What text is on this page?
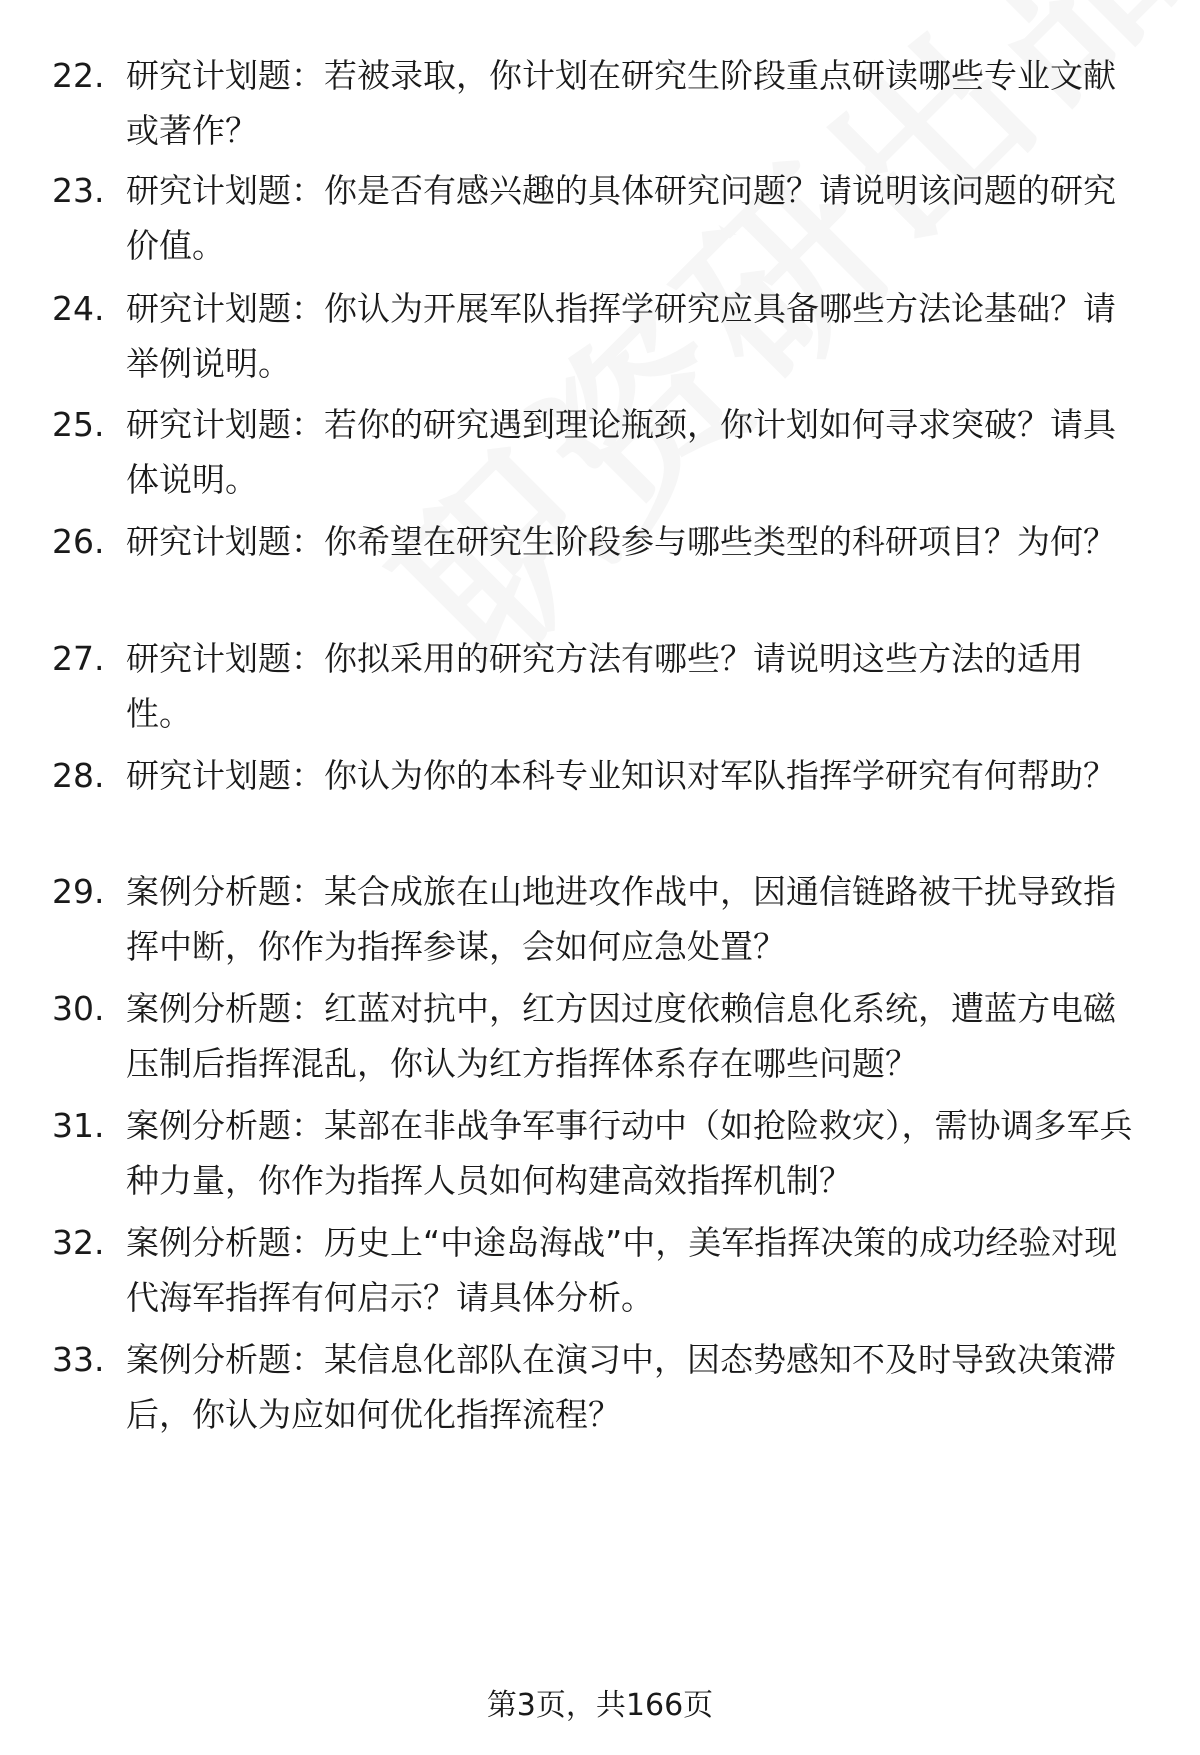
22. 研究计划题：若被录取，你计划在研究生阶段重点研读哪些专业文献或著作？
23. 研究计划题：你是否有感兴趣的具体研究问题？请说明该问题的研究价值。
24. 研究计划题：你认为开展军队指挥学研究应具备哪些方法论基础？请举例说明。
25. 研究计划题：若你的研究遇到理论瓶颈，你计划如何寻求突破？请具体说明。
26. 研究计划题：你希望在研究生阶段参与哪些类型的科研项目？为何？
27. 研究计划题：你拟采用的研究方法有哪些？请说明这些方法的适用性。
28. 研究计划题：你认为你的本科专业知识对军队指挥学研究有何帮助？
29. 案例分析题：某合成旅在山地进攻作战中，因通信链路被干扰导致指挥中断，你作为指挥参谋，会如何应急处置？
30. 案例分析题：红蓝对抗中，红方因过度依赖信息化系统，遭蓝方电磁压制后指挥混乱，你认为红方指挥体系存在哪些问题？
31. 案例分析题：某部在非战争军事行动中（如抢险救灾），需协调多军兵种力量，你作为指挥人员如何构建高效指挥机制？
32. 案例分析题：历史上“中途岛海战”中，美军指挥决策的成功经验对现代海军指挥有何启示？请具体分析。
33. 案例分析题：某信息化部队在演习中，因态势感知不及时导致决策滞后，你认为应如何优化指挥流程？
第3页，共166页
